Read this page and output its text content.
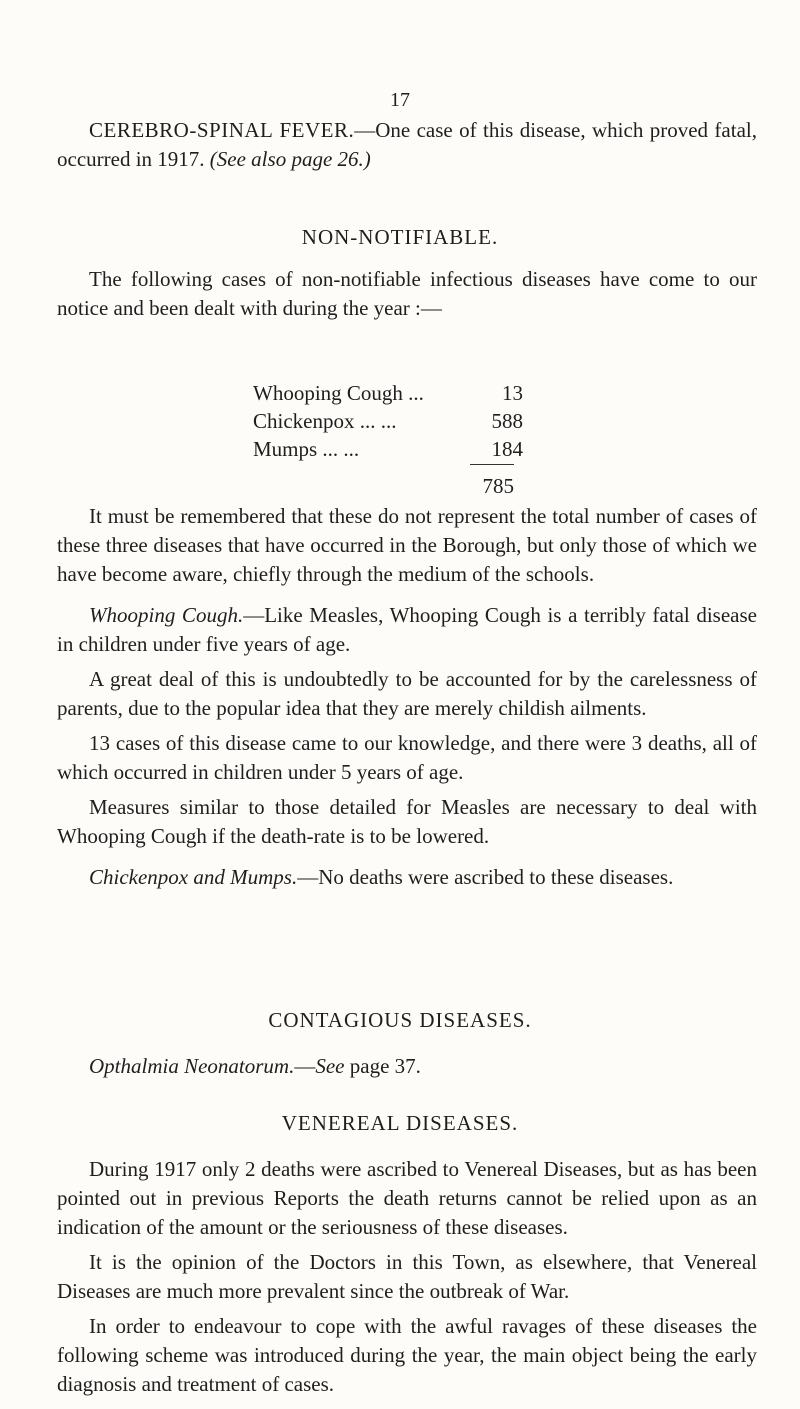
17

CEREBRO-SPINAL FEVER.—One case of this disease, which proved fatal, occurred in 1917. (See also page 26.)

NON-NOTIFIABLE.

The following cases of non-notifiable infectious diseases have come to our notice and been dealt with during the year :—

Whooping Cough ...	13
Chickenpox ... ...	588
Mumps ... ...	184
785

It must be remembered that these do not represent the total number of cases of these three diseases that have occurred in the Borough, but only those of which we have become aware, chiefly through the medium of the schools.

Whooping Cough.—Like Measles, Whooping Cough is a terribly fatal disease in children under five years of age.

A great deal of this is undoubtedly to be accounted for by the carelessness of parents, due to the popular idea that they are merely childish ailments.

13 cases of this disease came to our knowledge, and there were 3 deaths, all of which occurred in children under 5 years of age.

Measures similar to those detailed for Measles are necessary to deal with Whooping Cough if the death-rate is to be lowered.

Chickenpox and Mumps.—No deaths were ascribed to these diseases.

CONTAGIOUS DISEASES.

Opthalmia Neonatorum.—See page 37.

VENEREAL DISEASES.

During 1917 only 2 deaths were ascribed to Venereal Diseases, but as has been pointed out in previous Reports the death returns cannot be relied upon as an indication of the amount or the seriousness of these diseases.

It is the opinion of the Doctors in this Town, as elsewhere, that Venereal Diseases are much more prevalent since the outbreak of War.

In order to endeavour to cope with the awful ravages of these diseases the following scheme was introduced during the year, the main object being the early diagnosis and treatment of cases.
